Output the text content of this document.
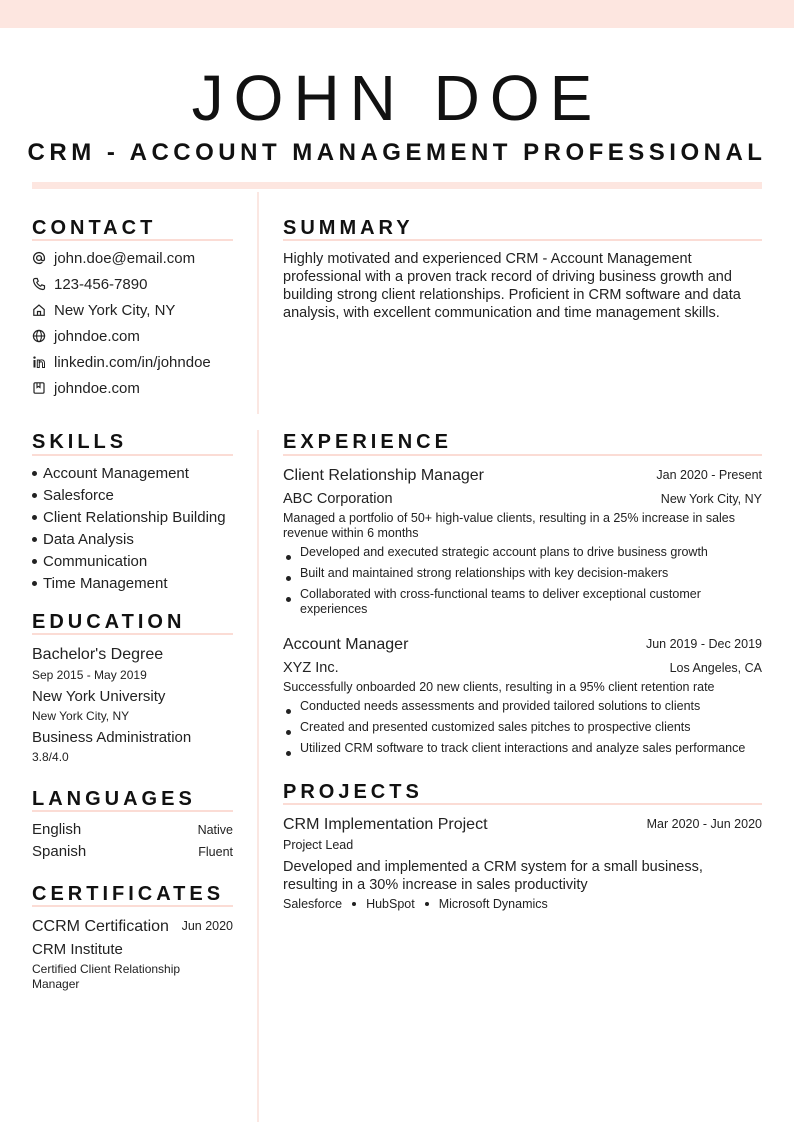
JOHN DOE
CRM - ACCOUNT MANAGEMENT PROFESSIONAL
CONTACT
john.doe@email.com
123-456-7890
New York City, NY
johndoe.com
linkedin.com/in/johndoe
johndoe.com
SUMMARY
Highly motivated and experienced CRM - Account Management
professional with a proven track record of driving business growth and
building strong client relationships. Proficient in CRM software and data
analysis, with excellent communication and time management skills.
SKILLS
Account Management
Salesforce
Client Relationship Building
Data Analysis
Communication
Time Management
EDUCATION
Bachelor's Degree
Sep 2015 - May 2019
New York University
New York City, NY
Business Administration
3.8/4.0
LANGUAGES
English	Native
Spanish	Fluent
CERTIFICATES
CCRM Certification	Jun 2020
CRM Institute
Certified Client Relationship
Manager
EXPERIENCE
Client Relationship Manager	Jan 2020 - Present
ABC Corporation	New York City, NY
Managed a portfolio of 50+ high-value clients, resulting in a 25% increase in sales
revenue within 6 months
Developed and executed strategic account plans to drive business growth
Built and maintained strong relationships with key decision-makers
Collaborated with cross-functional teams to deliver exceptional customer
experiences
Account Manager	Jun 2019 - Dec 2019
XYZ Inc.	Los Angeles, CA
Successfully onboarded 20 new clients, resulting in a 95% client retention rate
Conducted needs assessments and provided tailored solutions to clients
Created and presented customized sales pitches to prospective clients
Utilized CRM software to track client interactions and analyze sales performance
PROJECTS
CRM Implementation Project	Mar 2020 - Jun 2020
Project Lead
Developed and implemented a CRM system for a small business,
resulting in a 30% increase in sales productivity
Salesforce HubSpot Microsoft Dynamics
